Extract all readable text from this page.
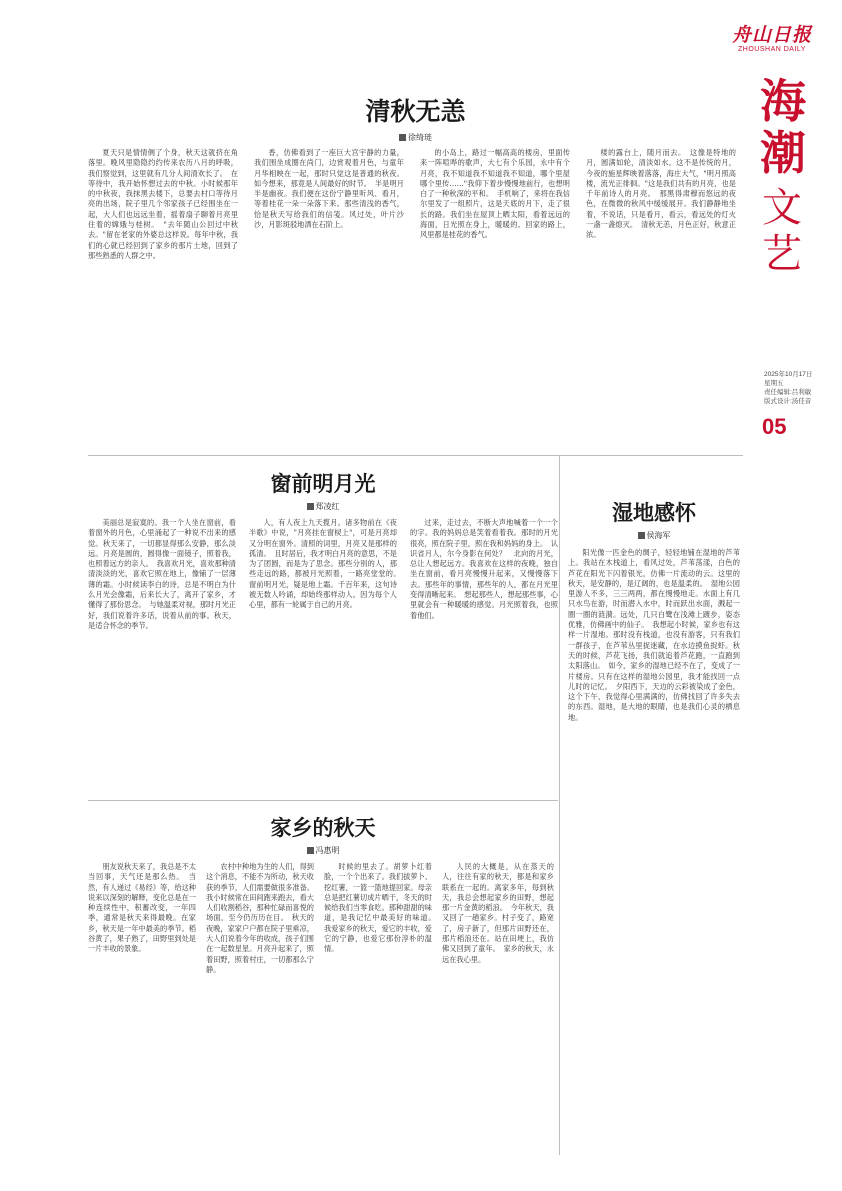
舟山日报
ZHOUSHAN DAILY
海
潮
文
艺
2025年10月17日
星期五
责任编辑:吕利敏
版式设计:汤佳音
05
清秋无恙
徐绮琏

夏天只是情情侧了个身，秋天这就挤在角落里。晚风里隐隐约约传来农历八月的呼吸，我们察觉到，这里就有几分人间清欢长了。　在等待中，我开始怀想过去的中秋。小时候那年的中秋夜，我抹黑去楼下，总要去村口等待月亮的出场，院子里几个邻家孩子已经围坐在一起，大人们也远远坐着，摇着扇子聊着月亮里住着的嫦娥与桂树。　"去年随山公回过中秋去。"留在老家的外婆总这样说。每年中秋，我们的心就已经回到了家乡的那片土地，回到了那些熟悉的人群之中。

香，仿佛看到了一座巨大宫宇静的力量，我们围坐成圈在尚门，边赏观着月色，与童年月华相映在一起，那时只觉这是普通的秋夜。如今想来，那竟是人间最好的时节。　半是明月半是幽夜。我们便在这份宁静里听风、看月，等着桂花一朵一朵落下来。那些清浅的香气，恰是秋天写给我们的信笺。风过处，叶片沙沙，月影斑驳地洒在石阶上。

的小岛上，路过一幅高高的楼房，里面传来一阵喧哗的歌声，大七有个乐园，永中有个月亮，我不知道我不知道我不知道，哪个里屋哪个里传……"我仰下着步慢慢地前行，也想明白了一种秋深的平和。　手机响了，来将在我信尔里发了一组照片，这是天底的月下，走了很长的路。我们坐在屋顶上晒太阳，看着远远的海面，日光照在身上，暖暖的。回家的路上，风里都是桂花的香气。

楼的露台上，随月而去。　这像是特地的月，圆满如轮，清淡如水。这不是传统的月，今夜的施星辉映着落落，海庄大气，"明月照高楼，流光正徘徊。"这是我们共有的月亮，也是千年前诗人的月亮。　那黑得肃穆而悠远的夜色，在微微的秋风中缓缓展开。我们静静地坐着，不说话，只是看月，看云，看远处的灯火一盏一盏熄灭。　清秋无恙，月色正好，秋意正浓。

窗前明月光
郑凌红

美丽总是寂寞的。我一个人坐在窗前，看着窗外的月色，心里涌起了一种说不出来的感觉。秋天来了，一切都显得那么安静，那么淡远。月亮是圆的，圆得像一面镜子，照着我，也照着远方的亲人。　我喜欢月光，喜欢那种清清淡淡的光，喜欢它照在地上，像铺了一层薄薄的霜。小时候读李白的诗，总是不明白为什么月光会像霜，后来长大了，离开了家乡，才懂得了那份思念。　与她温柔对视，那时月光正好，我们说着许多话，说着从前的事。秋天，是适合怀念的季节。

人，有人夜上九天揽月。诸多物前在《夜半歌》中说，"月亮挂在窗棂上"，可是月亮却又分明在窗外。清照的词里，月亮又是那样的孤清。　且时居后，我才明白月亮的意思，不是为了团圆，而是为了思念。那些分别的人，那些走远的路，都被月光照着，一路亮堂堂的。　窗前明月光，疑是地上霜。千百年来，这句诗被无数人吟诵，却始终那样动人。因为每个人心里，都有一轮属于自己的月亮。

过来，走过去，不断大声地喊着一个一个的字。我的妈妈总是笑着看着我。那时的月光很亮，照在院子里，照在我和妈妈的身上。　认识省月人，尔今身影在何处？　北向的月光，总让人想起远方。我喜欢在这样的夜晚，独自坐在窗前，看月亮慢慢升起来，又慢慢落下去。那些年的事情，那些年的人，都在月光里变得清晰起来。　想起那些人，想起那些事，心里就会有一种暖暖的感觉。月光照着我，也照着他们。

湿地感怀
侯海军

阳光像一匹金色的绸子，轻轻地铺在湿地的芦苇上。我站在木栈道上，看风过处，芦苇荡漾，白色的芦花在阳光下闪着银光，仿佛一片流动的云。这里的秋天，是安静的，是辽阔的，也是温柔的。　湿地公园里游人不多，三三两两，都在慢慢地走。水面上有几只水鸟在游，时而潜入水中，时而跃出水面，溅起一圈一圈的涟漪。远处，几只白鹭在浅滩上踱步，姿态优雅，仿佛画中的仙子。　我想起小时候，家乡也有这样一片湿地。那时没有栈道，也没有游客，只有我们一群孩子，在芦苇丛里捉迷藏，在水边摸鱼捉虾。秋天的时候，芦花飞扬，我们就追着芦花跑，一直跑到太阳落山。　如今，家乡的湿地已经不在了，变成了一片楼房。只有在这样的湿地公园里，我才能找回一点儿时的记忆。　夕阳西下，天边的云彩被染成了金色，这个下午，我觉得心里满满的，仿佛找回了许多失去的东西。湿地，是大地的眼睛，也是我们心灵的栖息地。

家乡的秋天
冯惠明

朋友说秋天来了，我总是不太当回事，天气还是那么热。　当然，有人递过《易经》等，给这种说来以深刻的解释，变化总是在一种连续性中，积蓄改变，一年四季，通常是秋天来得最晚。在家乡，秋天是一年中最美的季节。稻谷黄了，果子熟了，田野里到处是一片丰收的景象。

农村中种地为生的人们，得到这个消息，不能不为所动，秋天收获的季节，人们需要做很多准备。我小时候常在田间跑来跑去，看大人们收割稻谷，那种忙碌而喜悦的场面，至今仍历历在目。　秋天的夜晚，家家户户都在院子里乘凉，大人们说着今年的收成，孩子们围在一起数星星。月亮升起来了，照着田野，照着村庄，一切都那么宁静。

时候的里去了。胡萝卜红着脸，一个个出来了。我们拔萝卜、挖红薯，一篮一篮地提回家。母亲总是把红薯切成片晒干，冬天的时候给我们当零食吃。那种甜甜的味道，是我记忆中最美好的味道。　我爱家乡的秋天，爱它的丰收，爱它的宁静，也爱它那份淳朴的温情。

人民的大概是，从在蒸天的人，往往有家的秋天，都是和家乡联系在一起的。离家多年，每到秋天，我总会想起家乡的田野，想起那一片金黄的稻浪。　今年秋天，我又回了一趟家乡。村子变了，路宽了，房子新了，但那片田野还在，那片稻浪还在。站在田埂上，我仿佛又回到了童年。　家乡的秋天，永远在我心里。
